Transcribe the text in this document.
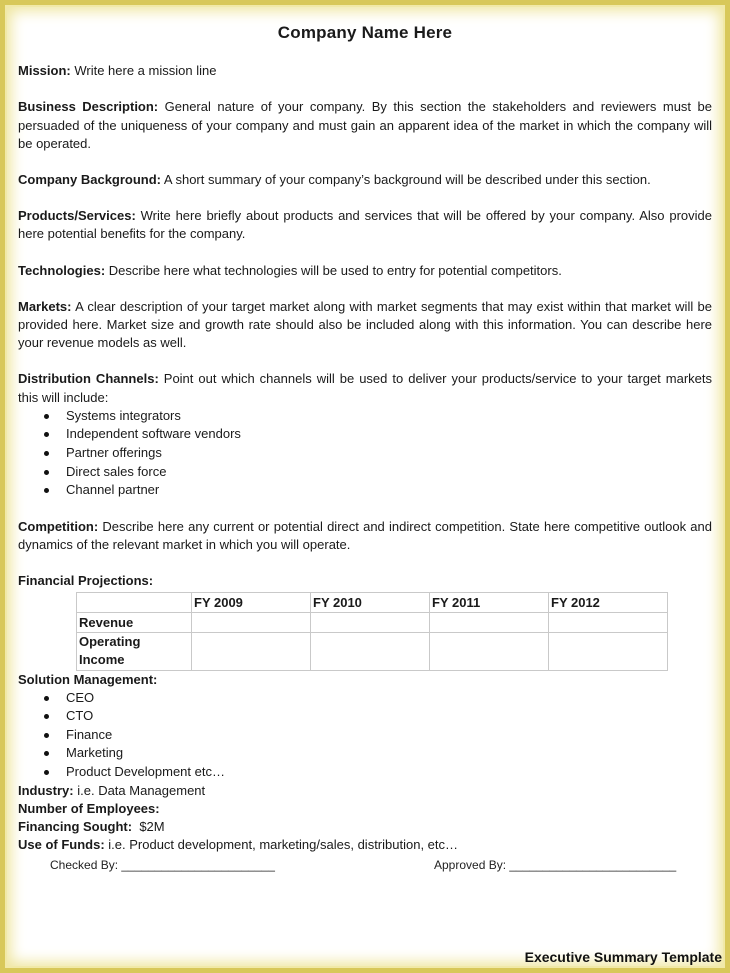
Company Name Here
Mission: Write here a mission line
Business Description: General nature of your company. By this section the stakeholders and reviewers must be persuaded of the uniqueness of your company and must gain an apparent idea of the market in which the company will be operated.
Company Background: A short summary of your company’s background will be described under this section.
Products/Services: Write here briefly about products and services that will be offered by your company. Also provide here potential benefits for the company.
Technologies: Describe here what technologies will be used to entry for potential competitors.
Markets: A clear description of your target market along with market segments that may exist within that market will be provided here. Market size and growth rate should also be included along with this information. You can describe here your revenue models as well.
Distribution Channels: Point out which channels will be used to deliver your products/service to your target markets this will include:
Systems integrators
Independent software vendors
Partner offerings
Direct sales force
Channel partner
Competition: Describe here any current or potential direct and indirect competition. State here competitive outlook and dynamics of the relevant market in which you will operate.
Financial Projections:
	FY 2009	FY 2010	FY 2011	FY 2012
Revenue				
Operating Income				
Solution Management:
CEO
CTO
Finance
Marketing
Product Development etc…
Industry: i.e. Data Management
Number of Employees:
Financing Sought:  $2M
Use of Funds: i.e. Product development, marketing/sales, distribution, etc…
Checked By: _______________________	Approved By: _________________________
Executive Summary Template
